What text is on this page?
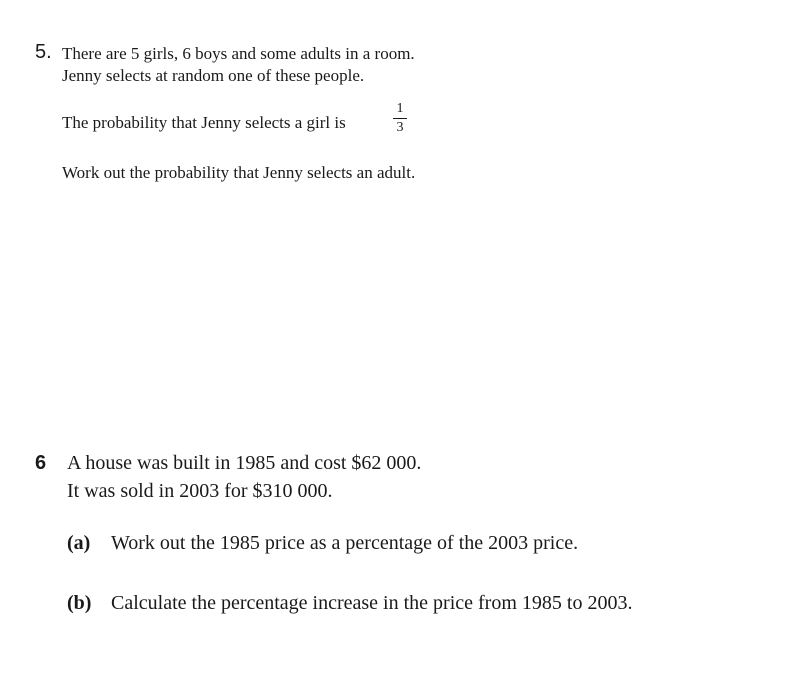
5. There are 5 girls, 6 boys and some adults in a room.
Jenny selects at random one of these people.
The probability that Jenny selects a girl is
1
3
Work out the probability that Jenny selects an adult.
6 A house was built in 1985 and cost $62 000.
It was sold in 2003 for $310 000.
(a) Work out the 1985 price as a percentage of the 2003 price.
(b) Calculate the percentage increase in the price from 1985 to 2003.
